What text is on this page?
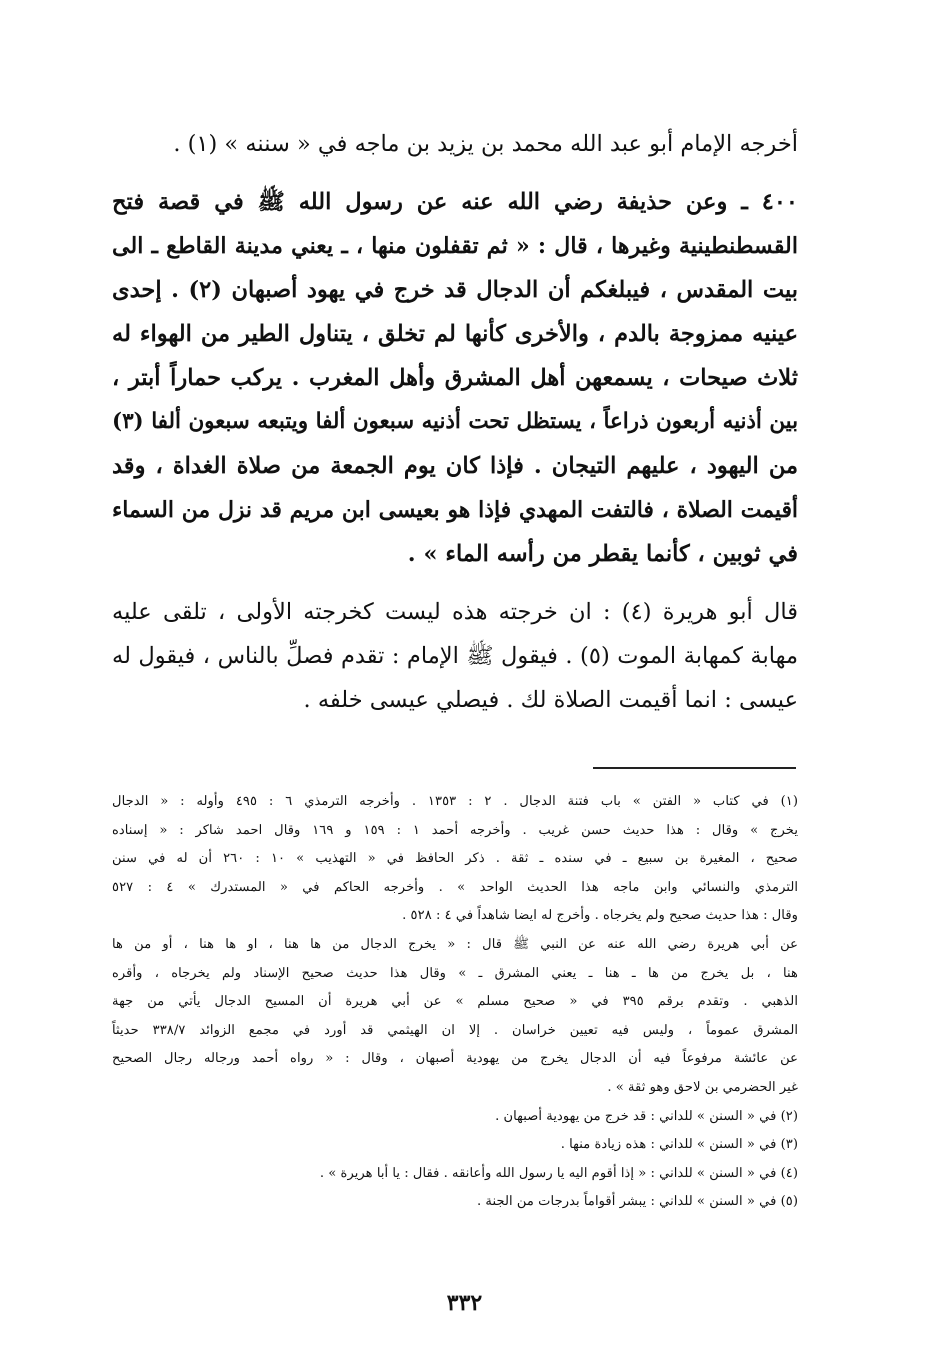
أخرجه الإمام أبو عبد الله محمد بن يزيد بن ماجه في « سننه » (١) .

٤٠٠ ـ وعن حذيفة رضي الله عنه عن رسول الله ﷺ في قصة فتح
القسطنطينية وغيرها ، قال : « ثم تقفلون منها ، ـ يعني مدينة القاطع ـ الى
بيت المقدس ، فيبلغكم أن الدجال قد خرج في يهود أصبهان (٢) . إحدى
عينيه ممزوجة بالدم ، والأخرى كأنها لم تخلق ، يتناول الطير من الهواء له
ثلاث صيحات ، يسمعهن أهل المشرق وأهل المغرب . يركب حماراً أبتر ،
بين أذنيه أربعون ذراعاً ، يستظل تحت أذنيه سبعون ألفا ويتبعه سبعون ألفا (٣)
من اليهود ، عليهم التيجان . فإذا كان يوم الجمعة من صلاة الغداة ، وقد
أقيمت الصلاة ، فالتفت المهدي فإذا هو بعيسى ابن مريم قد نزل من السماء
في ثوبين ، كأنما يقطر من رأسه الماء » .

قال أبو هريرة (٤) : ان خرجته هذه ليست كخرجته الأولى ، تلقى عليه
مهابة كمهابة الموت (٥) . فيقول ﷺ الإمام : تقدم فصلِّ بالناس ، فيقول له
عيسى : انما أقيمت الصلاة لك . فيصلي عيسى خلفه .

(١) في كتاب « الفتن » باب فتنة الدجال . ٢ : ١٣٥٣ . وأخرجه الترمذي ٦ : ٤٩٥ وأوله : « الدجال
يخرج » وقال : هذا حديث حسن غريب . وأخرجه أحمد ١ : ١٥٩ و ١٦٩ وقال احمد شاكر : « إسناده
صحيح ، المغيرة بن سبيع ـ في سنده ـ ثقة . ذكر الحافظ في « التهذيب » ١٠ : ٢٦٠ أن له في سنن
الترمذي والنسائي وابن ماجه هذا الحديث الواحد » . وأخرجه الحاكم في « المستدرك » ٤ : ٥٢٧
وقال : هذا حديث صحيح ولم يخرجاه . وأخرج له ايضا شاهداً في ٤ : ٥٢٨ .
عن أبي هريرة رضي الله عنه عن النبي ﷺ قال : « يخرج الدجال من ها هنا ، او ها هنا ، أو من ها
هنا ، بل يخرج من ها ـ هنا ـ يعني المشرق ـ » وقال هذا حديث صحيح الإسناد ولم يخرجاه ، وأقره
الذهبي . وتقدم برقم ٣٩٥ في « صحيح مسلم » عن أبي هريرة أن المسيح الدجال يأتي من جهة
المشرق عموماً ، وليس فيه تعيين خراسان . إلا ان الهيثمي قد أورد في مجمع الزوائد ٣٣٨/٧ حديثاً
عن عائشة مرفوعاً فيه أن الدجال يخرج من يهودية أصبهان ، وقال : « رواه أحمد ورجاله رجال الصحيح
غير الحضرمي بن لاحق وهو ثقة » .
(٢) في « السنن » للداني : قد خرج من يهودية أصبهان .
(٣) في « السنن » للداني : هذه زيادة منها .
(٤) في « السنن » للداني : « إذا أقوم اليه يا رسول الله وأعانقه . فقال : يا أبا هريرة » .
(٥) في « السنن » للداني : يبشر أقواماً بدرجات من الجنة .
٣٣٢
